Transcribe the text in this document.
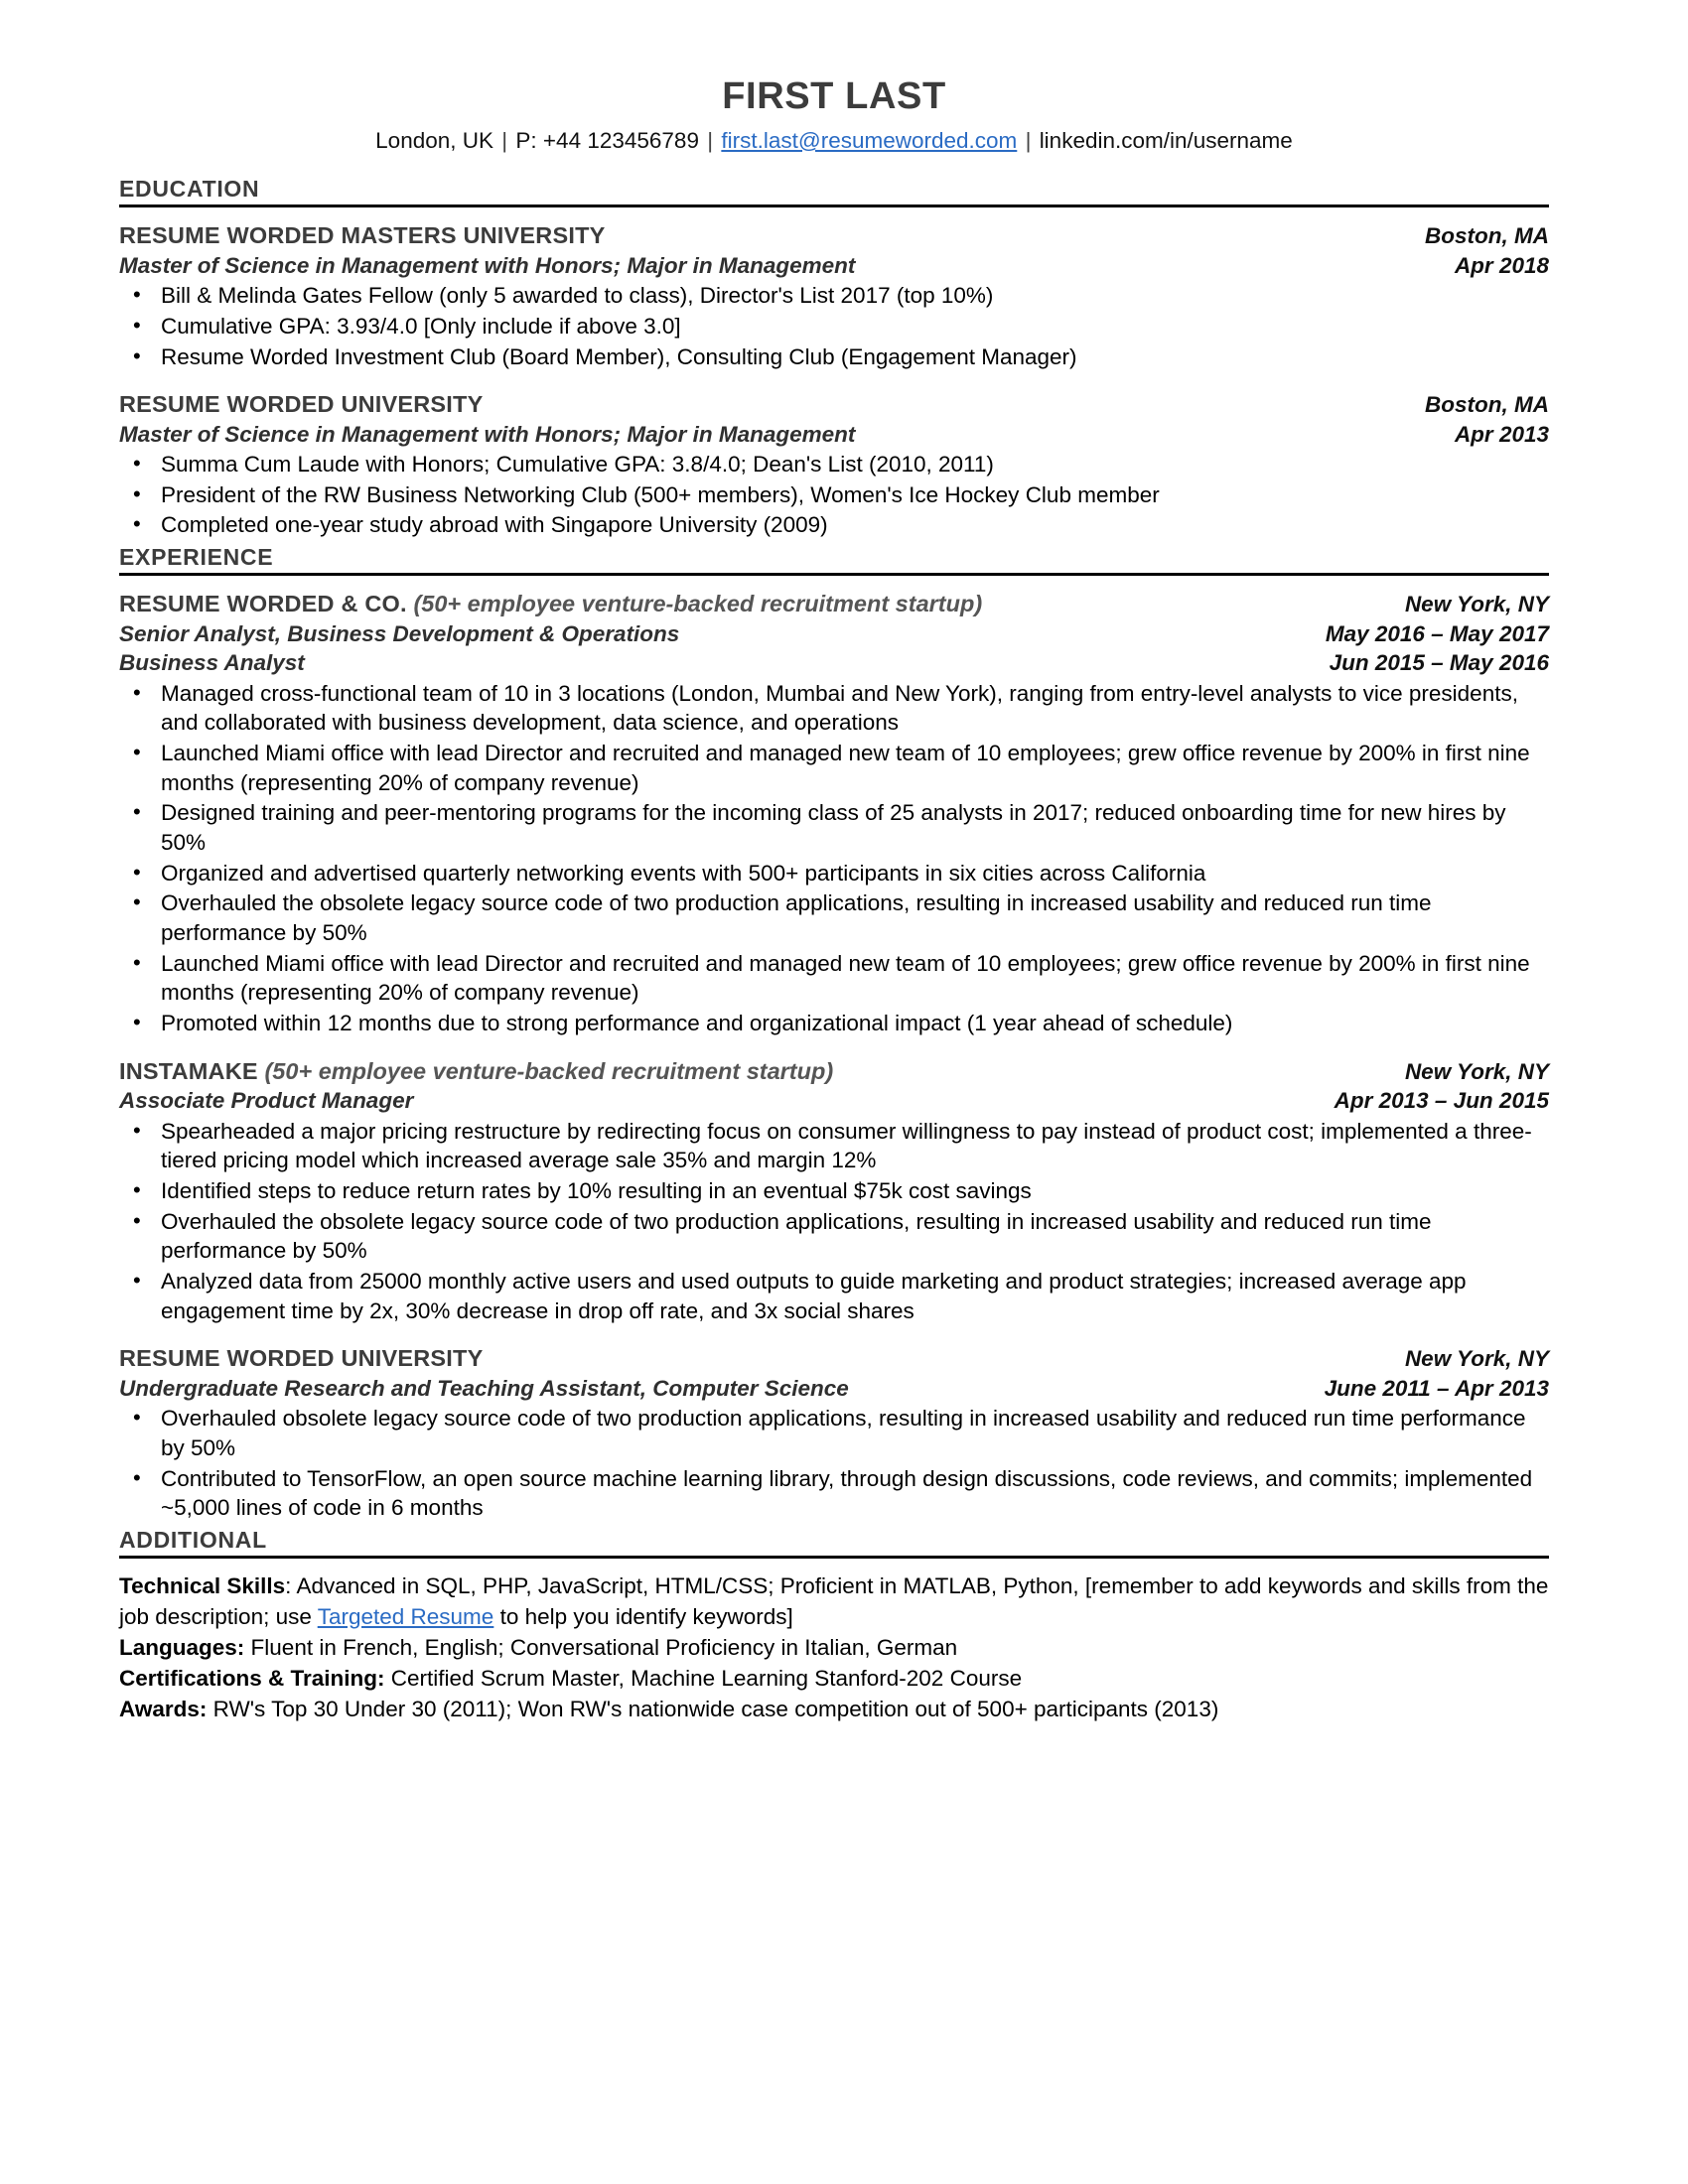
FIRST LAST
London, UK | P: +44 123456789 | first.last@resumeworded.com | linkedin.com/in/username
EDUCATION
RESUME WORDED MASTERS UNIVERSITY	Boston, MA
Master of Science in Management with Honors; Major in Management	Apr 2018
• Bill & Melinda Gates Fellow (only 5 awarded to class), Director's List 2017 (top 10%)
• Cumulative GPA: 3.93/4.0 [Only include if above 3.0]
• Resume Worded Investment Club (Board Member), Consulting Club (Engagement Manager)
RESUME WORDED UNIVERSITY	Boston, MA
Master of Science in Management with Honors; Major in Management	Apr 2013
• Summa Cum Laude with Honors; Cumulative GPA: 3.8/4.0; Dean's List (2010, 2011)
• President of the RW Business Networking Club (500+ members), Women's Ice Hockey Club member
• Completed one-year study abroad with Singapore University (2009)
EXPERIENCE
RESUME WORDED & CO. (50+ employee venture-backed recruitment startup)	New York, NY
Senior Analyst, Business Development & Operations	May 2016 – May 2017
Business Analyst	Jun 2015 – May 2016
• Managed cross-functional team of 10 in 3 locations (London, Mumbai and New York), ranging from entry-level analysts to vice presidents, and collaborated with business development, data science, and operations
• Launched Miami office with lead Director and recruited and managed new team of 10 employees; grew office revenue by 200% in first nine months (representing 20% of company revenue)
• Designed training and peer-mentoring programs for the incoming class of 25 analysts in 2017; reduced onboarding time for new hires by 50%
• Organized and advertised quarterly networking events with 500+ participants in six cities across California
• Overhauled the obsolete legacy source code of two production applications, resulting in increased usability and reduced run time performance by 50%
• Launched Miami office with lead Director and recruited and managed new team of 10 employees; grew office revenue by 200% in first nine months (representing 20% of company revenue)
• Promoted within 12 months due to strong performance and organizational impact (1 year ahead of schedule)
INSTAMAKE (50+ employee venture-backed recruitment startup)	New York, NY
Associate Product Manager	Apr 2013 – Jun 2015
• Spearheaded a major pricing restructure by redirecting focus on consumer willingness to pay instead of product cost; implemented a three-tiered pricing model which increased average sale 35% and margin 12%
• Identified steps to reduce return rates by 10% resulting in an eventual $75k cost savings
• Overhauled the obsolete legacy source code of two production applications, resulting in increased usability and reduced run time performance by 50%
• Analyzed data from 25000 monthly active users and used outputs to guide marketing and product strategies; increased average app engagement time by 2x, 30% decrease in drop off rate, and 3x social shares
RESUME WORDED UNIVERSITY	New York, NY
Undergraduate Research and Teaching Assistant, Computer Science	June 2011 – Apr 2013
• Overhauled obsolete legacy source code of two production applications, resulting in increased usability and reduced run time performance by 50%
• Contributed to TensorFlow, an open source machine learning library, through design discussions, code reviews, and commits; implemented ~5,000 lines of code in 6 months
ADDITIONAL
Technical Skills: Advanced in SQL, PHP, JavaScript, HTML/CSS; Proficient in MATLAB, Python, [remember to add keywords and skills from the job description; use Targeted Resume to help you identify keywords]
Languages: Fluent in French, English; Conversational Proficiency in Italian, German
Certifications & Training: Certified Scrum Master, Machine Learning Stanford-202 Course
Awards: RW's Top 30 Under 30 (2011); Won RW's nationwide case competition out of 500+ participants (2013)
